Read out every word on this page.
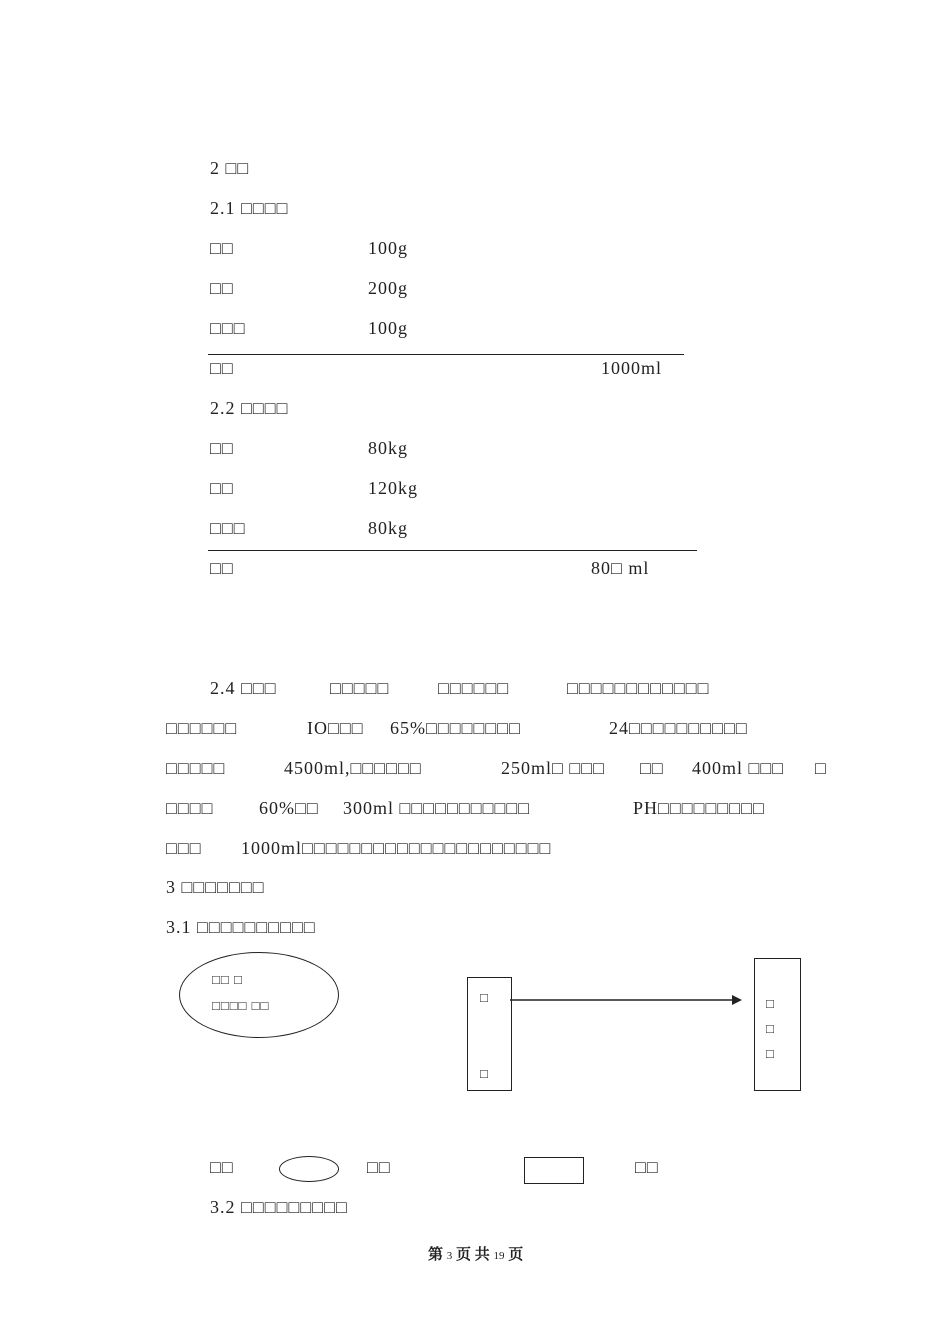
2 □□
2.1 □□□□
□□	100g
□□	200g
□□□	100g
□□	1000ml
2.2 □□□□
□□	80kg
□□	120kg
□□□	80kg
□□	80□ ml
2.4 □□□	□□□□□	□□□□□□	□□□□□□□□□□□□
□□□□□□	IO□□□ 65%□□□□□□□□	24□□□□□□□□□□
□□□□□	4500ml,□□□□□□	250ml□ □□□ □□ 400ml □□□ □
□□□□	60%□□ 300ml □□□□□□□□□□□	PH□□□□□□□□□
□□□ 1000ml□□□□□□□□□□□□□□□□□□□□□
3 □□□□□□□
3.1 □□□□□□□□□□
□□ □
□□□□ □□
□
□
□
□
□
□□	□□	□□
3.2 □□□□□□□□□
第 3 页 共 19 页
